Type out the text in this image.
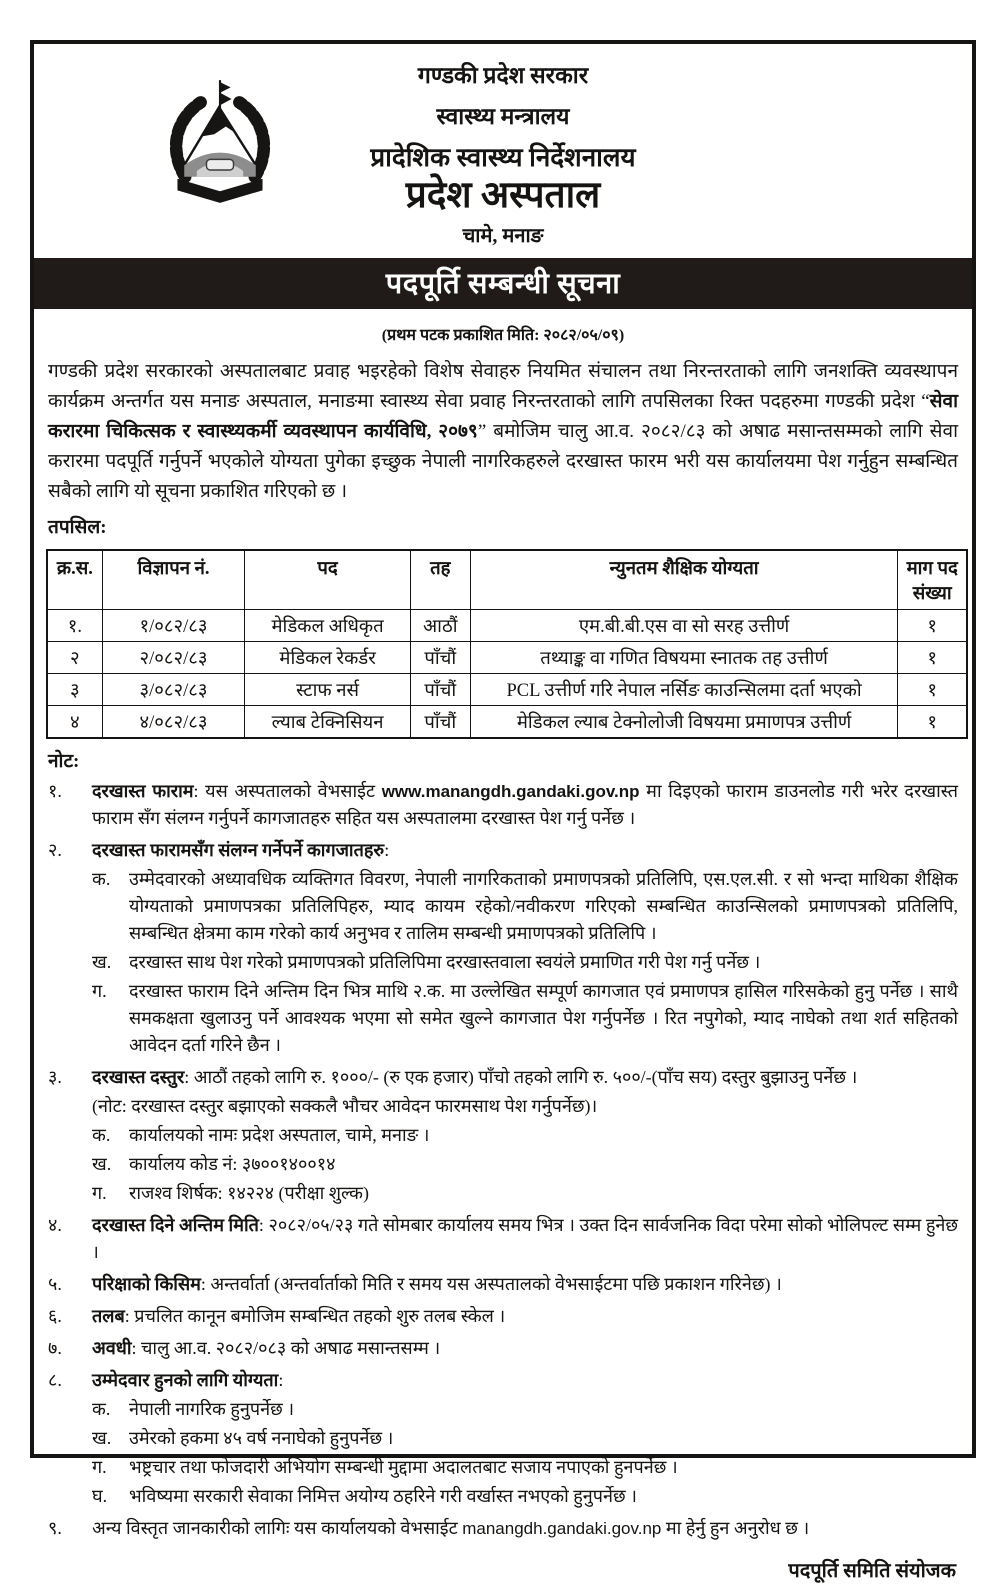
गण्डकी प्रदेश सरकार

स्वास्थ्य मन्त्रालय

प्रादेशिक स्वास्थ्य निर्देशनालय

प्रदेश अस्पताल

चामे, मनाङ

पदपूर्ति सम्बन्धी सूचना
(प्रथम पटक प्रकाशित मिति: २०८२/०५/०९)

गण्डकी प्रदेश सरकारको अस्पतालबाट प्रवाह भइरहेको विशेष सेवाहरु नियमित संचालन तथा निरन्तरताको लागि जनशक्ति व्यवस्थापन कार्यक्रम अन्तर्गत यस मनाङ अस्पताल, मनाङमा स्वास्थ्य सेवा प्रवाह निरन्तरताको लागि तपसिलका रिक्त पदहरुमा गण्डकी प्रदेश “सेवा करारमा चिकित्सक र स्वास्थ्यकर्मी व्यवस्थापन कार्यविधि, २०७९” बमोजिम चालु आ.व. २०८२/८३ को अषाढ मसान्तसम्मको लागि सेवा करारमा पदपूर्ति गर्नुपर्ने भएकोले योग्यता पुगेका इच्छुक नेपाली नागरिकहरुले दरखास्त फारम भरी यस कार्यालयमा पेश गर्नुहुन सम्बन्धित सबैको लागि यो सूचना प्रकाशित गरिएको छ ।

तपसिल:

क्र.स.	विज्ञापन नं.	पद	तह	न्युनतम शैक्षिक योग्यता	माग पद संख्या
१.	१/०८२/८३	मेडिकल अधिकृत	आठौं	एम.बी.बी.एस वा सो सरह उत्तीर्ण	१
२	२/०८२/८३	मेडिकल रेकर्डर	पाँचौं	तथ्याङ्क वा गणित विषयमा स्नातक तह उत्तीर्ण	१
३	३/०८२/८३	स्टाफ नर्स	पाँचौं	PCL उत्तीर्ण गरि नेपाल नर्सिङ काउन्सिलमा दर्ता भएको	१
४	४/०८२/८३	ल्याब टेक्निसियन	पाँचौं	मेडिकल ल्याब टेक्नोलोजी विषयमा प्रमाणपत्र उत्तीर्ण	१

नोट:

१.	दरखास्त फाराम: यस अस्पतालको वेभसाईट www.manangdh.gandaki.gov.np मा दिइएको फाराम डाउनलोड गरी भरेर दरखास्त फाराम सँग संलग्न गर्नुपर्ने कागजातहरु सहित यस अस्पतालमा दरखास्त पेश गर्नु पर्नेछ ।
२.	दरखास्त फारामसँग संलग्न गर्नेपर्ने कागजातहरु:
क.	उम्मेदवारको अध्यावधिक व्यक्तिगत विवरण, नेपाली नागरिकताको प्रमाणपत्रको प्रतिलिपि, एस.एल.सी. र सो भन्दा माथिका शैक्षिक योग्यताको प्रमाणपत्रका प्रतिलिपिहरु, म्याद कायम रहेको/नवीकरण गरिएको सम्बन्धित काउन्सिलको प्रमाणपत्रको प्रतिलिपि, सम्बन्धित क्षेत्रमा काम गरेको कार्य अनुभव र तालिम सम्बन्धी प्रमाणपत्रको प्रतिलिपि ।
ख. दरखास्त साथ पेश गरेको प्रमाणपत्रको प्रतिलिपिमा दरखास्तवाला स्वयंले प्रमाणित गरी पेश गर्नु पर्नेछ ।
ग.	दरखास्त फाराम दिने अन्तिम दिन भित्र माथि २.क. मा उल्लेखित सम्पूर्ण कागजात एवं प्रमाणपत्र हासिल गरिसकेको हुनु पर्नेछ । साथै समकक्षता खुलाउनु पर्ने आवश्यक भएमा सो समेत खुल्ने कागजात पेश गर्नुपर्नेछ । रित नपुगेको, म्याद नाघेको तथा शर्त सहितको आवेदन दर्ता गरिने छैन ।
३.	दरखास्त दस्तुर: आठौं तहको लागि रु. १०००/- (रु एक हजार) पाँचो तहको लागि रु. ५००/-(पाँच सय) दस्तुर बुझाउनु पर्नेछ ।
(नोट: दरखास्त दस्तुर बझाएको सक्कलै भौचर आवेदन फारमसाथ पेश गर्नुपर्नेछ)।
क.	कार्यालयको नामः प्रदेश अस्पताल, चामे, मनाङ ।
ख. कार्यालय कोड नं: ३७००१४००१४
ग.	राजश्व शिर्षक: १४२२४ (परीक्षा शुल्क)
४.	दरखास्त दिने अन्तिम मिति: २०८२/०५/२३ गते सोमबार कार्यालय समय भित्र । उक्त दिन सार्वजनिक विदा परेमा सोको भोलिपल्ट सम्म हुनेछ ।
५.	परिक्षाको किसिम: अन्तर्वार्ता (अन्तर्वार्ताको मिति र समय यस अस्पतालको वेभसाईटमा पछि प्रकाशन गरिनेछ) ।
६.	तलब: प्रचलित कानून बमोजिम सम्बन्धित तहको शुरु तलब स्केल ।
७.	अवधी: चालु आ.व. २०८२/०८३ को अषाढ मसान्तसम्म ।
८.	उम्मेदवार हुनको लागि योग्यता:
क.	नेपाली नागरिक हुनुपर्नेछ ।
ख. उमेरको हकमा ४५ वर्ष ननाघेको हुनुपर्नेछ ।
ग.	भष्ट्रचार तथा फोजदारी अभियोग सम्बन्धी मुद्दामा अदालतबाट सजाय नपाएको हुनपर्नेछ ।
घ.	भविष्यमा सरकारी सेवाका निमित्त अयोग्य ठहरिने गरी वर्खास्त नभएको हुनुपर्नेछ ।
९.	अन्य विस्तृत जानकारीको लागिः यस कार्यालयको वेभसाईट manangdh.gandaki.gov.np मा हेर्नु हुन अनुरोध छ ।
पदपूर्ति समिति संयोजक
